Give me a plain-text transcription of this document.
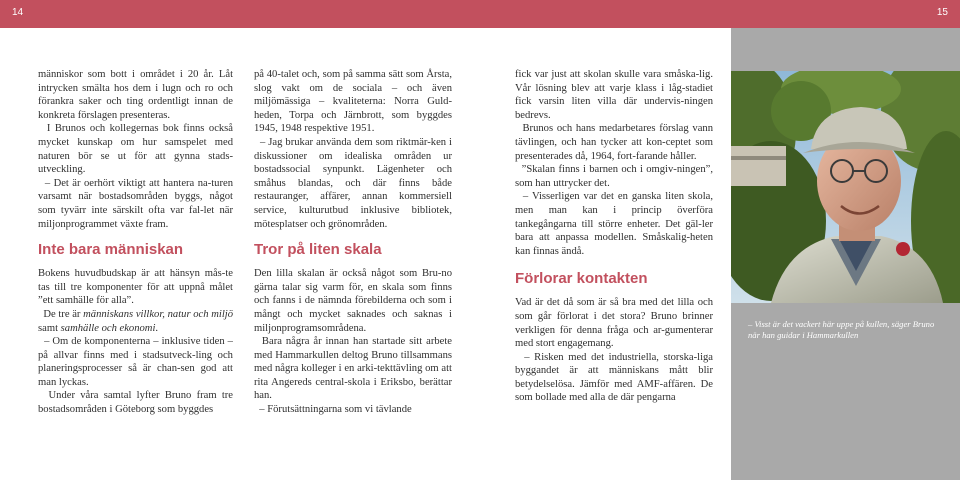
14	15

människor som bott i området i 20 år. Låt intrycken smälta hos dem i lugn och ro och förankra saker och ting ordentligt innan de konkreta förslagen presenteras.
I Brunos och kollegernas bok finns också mycket kunskap om hur samspelet med naturen bör se ut för att gynna stads-utveckling.

– Det är oerhört viktigt att hantera na-turen varsamt när bostadsområden byggs, något som tyvärr inte särskilt ofta var fal-let när miljonprogrammet växte fram.

Inte bara människan

Bokens huvudbudskap är att hänsyn mås-te tas till tre komponenter för att uppnå målet ”ett samhälle för alla”.
De tre är människans villkor, natur och miljö samt samhälle och ekonomi.
– Om de komponenterna – inklusive tiden – på allvar finns med i stadsutveck-ling och planeringsprocesser så är chan-sen god att man lyckas.
Under våra samtal lyfter Bruno fram tre bostadsområden i Göteborg som byggdes

på 40-talet och, som på samma sätt som Årsta, slog vakt om de sociala – och även miljömässiga – kvaliteterna: Norra Guld-heden, Torpa och Järnbrott, som byggdes 1945, 1948 respektive 1951.
– Jag brukar använda dem som riktmär-ken i diskussioner om idealiska områden ur bostadssocial synpunkt. Lägenheter och småhus blandas, och där finns både restauranger, affärer, annan kommersiell service, kulturutbud inklusive bibliotek, mötesplatser och grönområden.

Tror på liten skala

Den lilla skalan är också något som Bru-no gärna talar sig varm för, en skala som finns och fanns i de nämnda förebilderna och som i mångt och mycket saknades och saknas i miljonprogramsområdena.
Bara några år innan han startade sitt arbete med Hammarkullen deltog Bruno tillsammans med några kolleger i en arki-tekttävling om att rita Angereds central-skola i Eriksbo, berättar han.
– Förutsättningarna som vi tävlande

fick var just att skolan skulle vara småska-lig. Vår lösning blev att varje klass i låg-stadiet fick varsin liten villa där undervis-ningen bedrevs.
Brunos och hans medarbetares förslag vann tävlingen, och han tycker att kon-ceptet som presenterades då, 1964, fort-farande håller.
”Skalan finns i barnen och i omgiv-ningen”, som han uttrycker det.
– Visserligen var det en ganska liten skola, men man kan i princip överföra tankegångarna till större enheter. Det gäl-ler bara att anpassa modellen. Småskalig-heten kan finnas ändå.

Förlorar kontakten

Vad är det då som är så bra med det lilla och som går förlorat i det stora? Bruno brinner verkligen för denna fråga och ar-gumenterar med stort engagemang.
– Risken med det industriella, storska-liga byggandet är att människans mått blir betydelselösa. Jämför med AMF-affären. De som bollade med alla de där pengarna

– Visst är det vackert här uppe på kullen, säger Bruno
när han guidar i Hammarkullen
